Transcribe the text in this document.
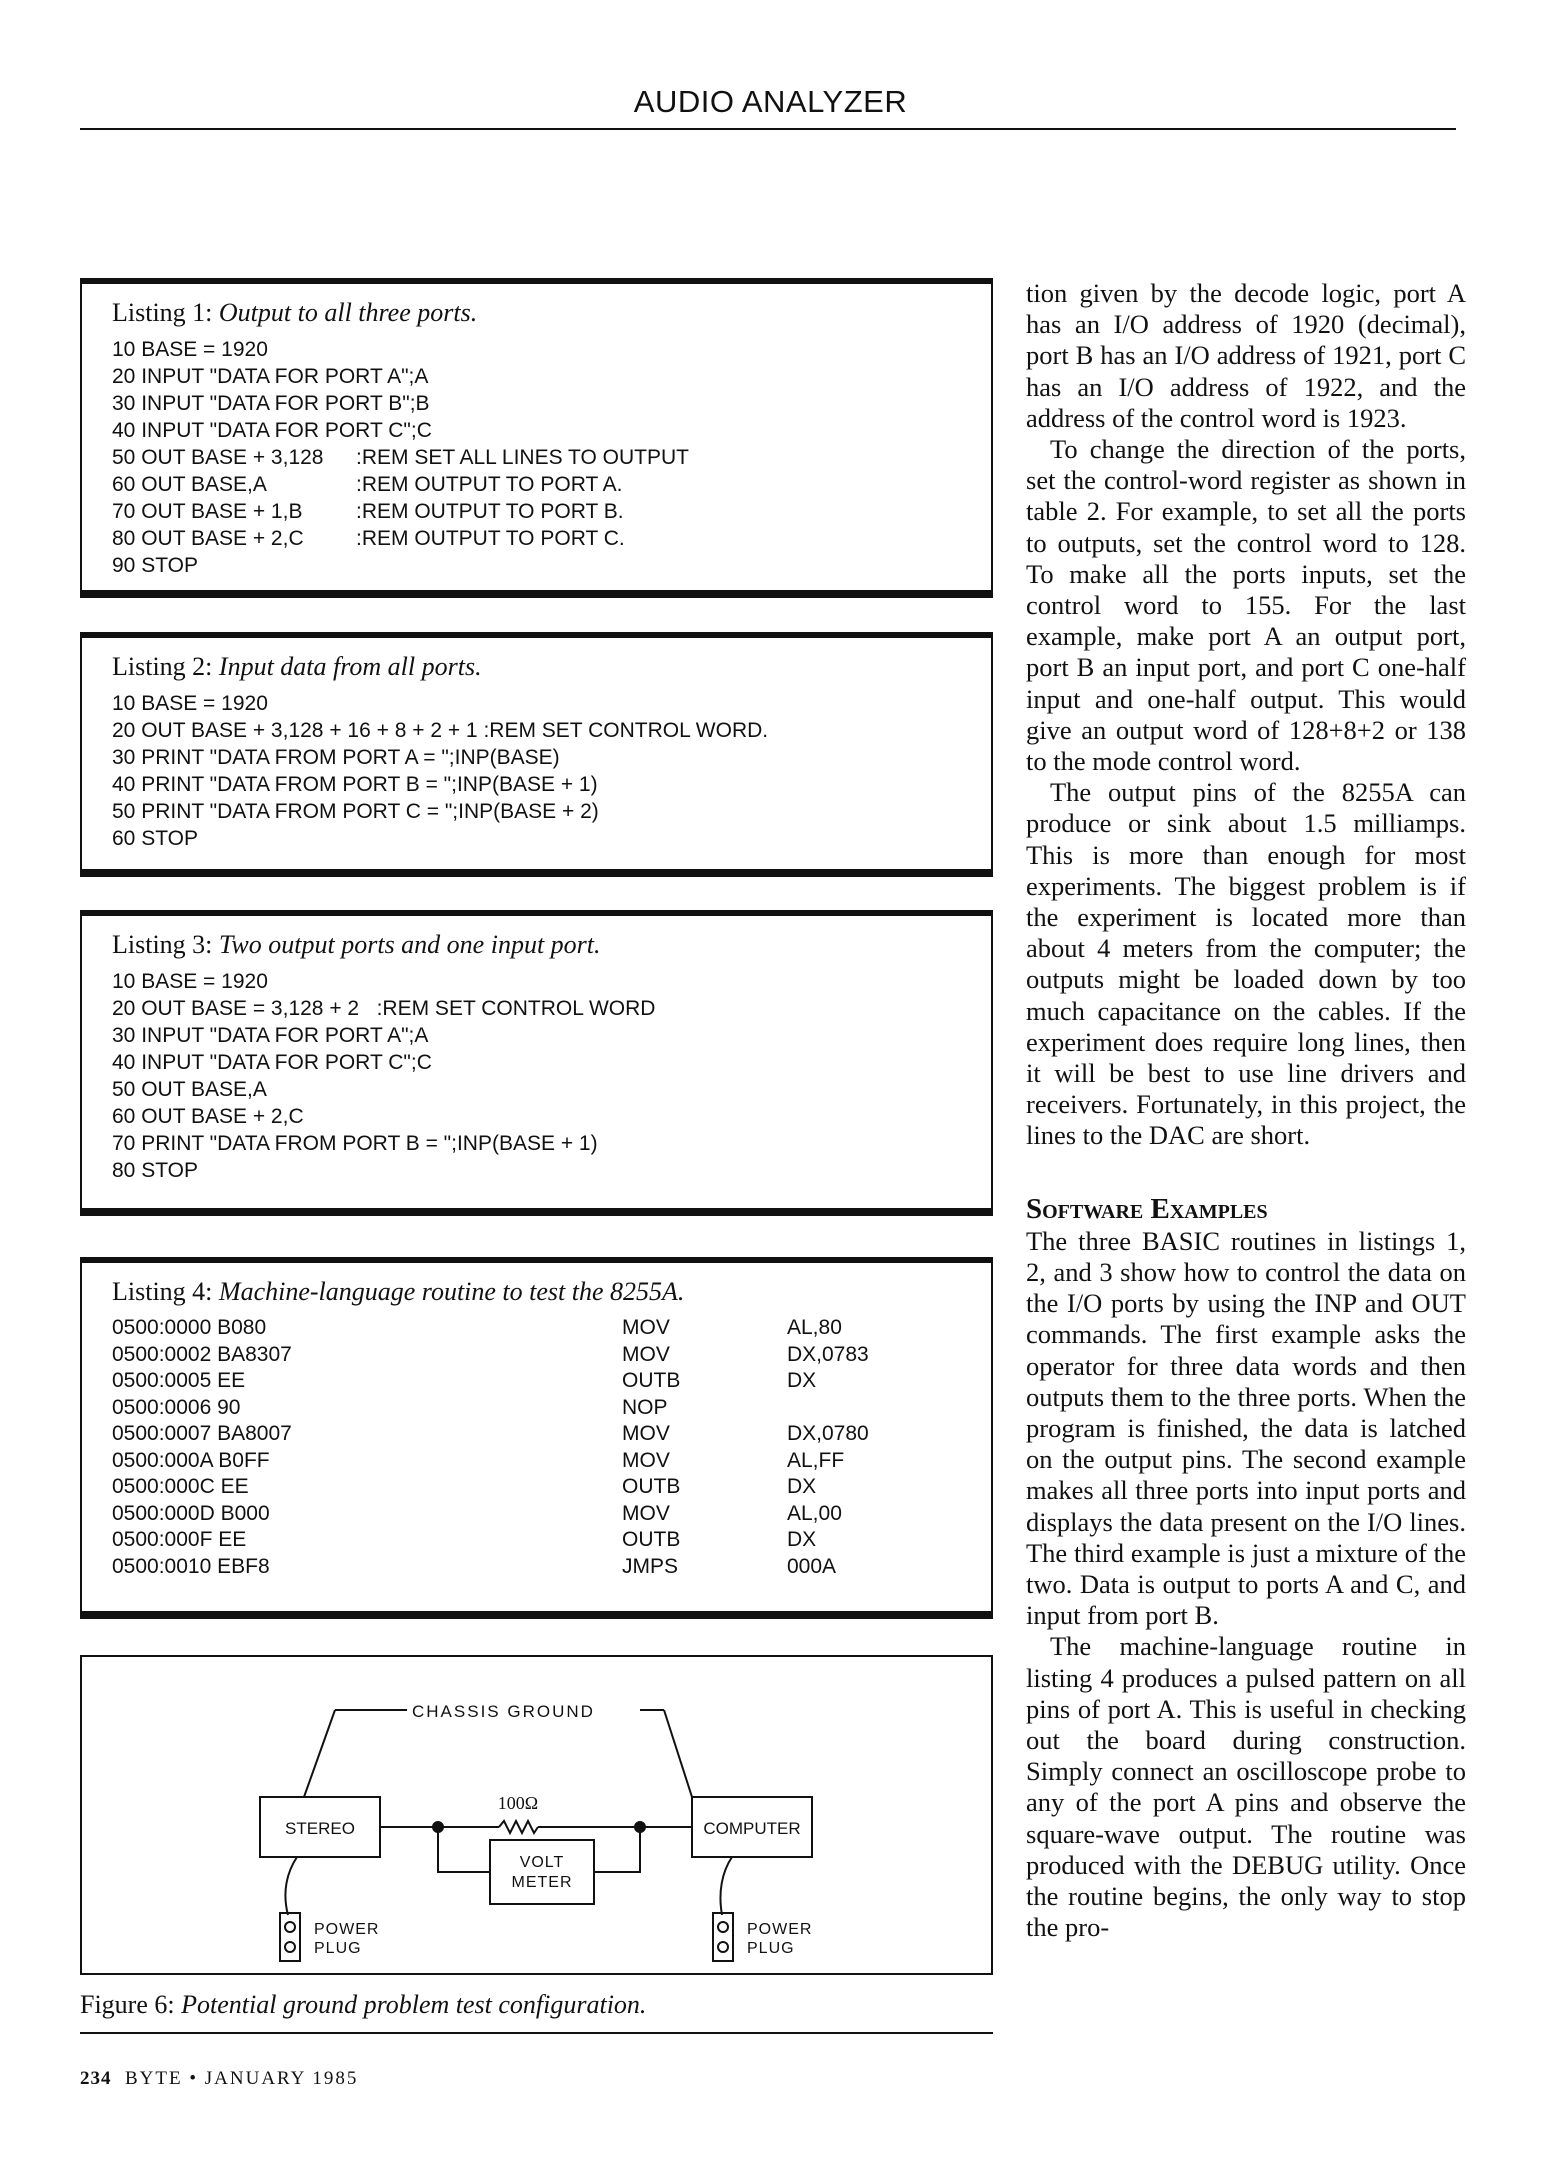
AUDIO ANALYZER
Listing 1: Output to all three ports.
10 BASE = 1920
20 INPUT "DATA FOR PORT A";A
30 INPUT "DATA FOR PORT B";B
40 INPUT "DATA FOR PORT C";C
50 OUT BASE + 3,128 :REM SET ALL LINES TO OUTPUT
60 OUT BASE,A	:REM OUTPUT TO PORT A.
70 OUT BASE + 1,B	:REM OUTPUT TO PORT B.
80 OUT BASE + 2,C :REM OUTPUT TO PORT C.
90 STOP
Listing 2: Input data from all ports.
10 BASE = 1920
20 OUT BASE + 3,128 + 16 + 8 + 2 + 1 :REM SET CONTROL WORD.
30 PRINT "DATA FROM PORT A = ";INP(BASE)
40 PRINT "DATA FROM PORT B = ";INP(BASE + 1)
50 PRINT "DATA FROM PORT C = ";INP(BASE + 2)
60 STOP
Listing 3: Two output ports and one input port.
10 BASE = 1920
20 OUT BASE = 3,128 + 2   :REM SET CONTROL WORD
30 INPUT "DATA FOR PORT A";A
40 INPUT "DATA FOR PORT C";C
50 OUT BASE,A
60 OUT BASE + 2,C
70 PRINT "DATA FROM PORT B = ";INP(BASE + 1)
80 STOP
Listing 4: Machine-language routine to test the 8255A.
0500:0000 B080	MOV	AL,80
0500:0002 BA8307	MOV	DX,0783
0500:0005 EE	OUTB	DX
0500:0006 90	NOP
0500:0007 BA8007	MOV	DX,0780
0500:000A B0FF	MOV	AL,FF
0500:000C EE	OUTB	DX
0500:000D B000	MOV	AL,00
0500:000F EE	OUTB	DX
0500:0010 EBF8	JMPS	000A
CHASSIS GROUND
STEREO	COMPUTER
100Ω
VOLT
METER
POWER
PLUG
POWER
PLUG
Figure 6: Potential ground problem test configuration.

tion given by the decode logic, port A has an I/O address of 1920 (decimal), port B has an I/O address of 1921, port C has an I/O address of 1922, and the address of the control word is 1923.

To change the direction of the ports, set the control-word register as shown in table 2. For example, to set all the ports to outputs, set the control word to 128. To make all the ports inputs, set the control word to 155. For the last example, make port A an output port, port B an input port, and port C one-half input and one-half output. This would give an output word of 128+8+2 or 138 to the mode control word.

The output pins of the 8255A can produce or sink about 1.5 milliamps. This is more than enough for most experiments. The biggest problem is if the experiment is located more than about 4 meters from the computer; the outputs might be loaded down by too much capacitance on the cables. If the experiment does require long lines, then it will be best to use line drivers and receivers. Fortunately, in this project, the lines to the DAC are short.

Software Examples

The three BASIC routines in listings 1, 2, and 3 show how to control the data on the I/O ports by using the INP and OUT commands. The first example asks the operator for three data words and then outputs them to the three ports. When the program is finished, the data is latched on the output pins. The second example makes all three ports into input ports and displays the data present on the I/O lines. The third example is just a mixture of the two. Data is output to ports A and C, and input from port B.

The machine-language routine in listing 4 produces a pulsed pattern on all pins of port A. This is useful in checking out the board during construction. Simply connect an oscilloscope probe to any of the port A pins and observe the square-wave output. The routine was produced with the DEBUG utility. Once the routine begins, the only way to stop the pro-

234 BYTE • JANUARY 1985
